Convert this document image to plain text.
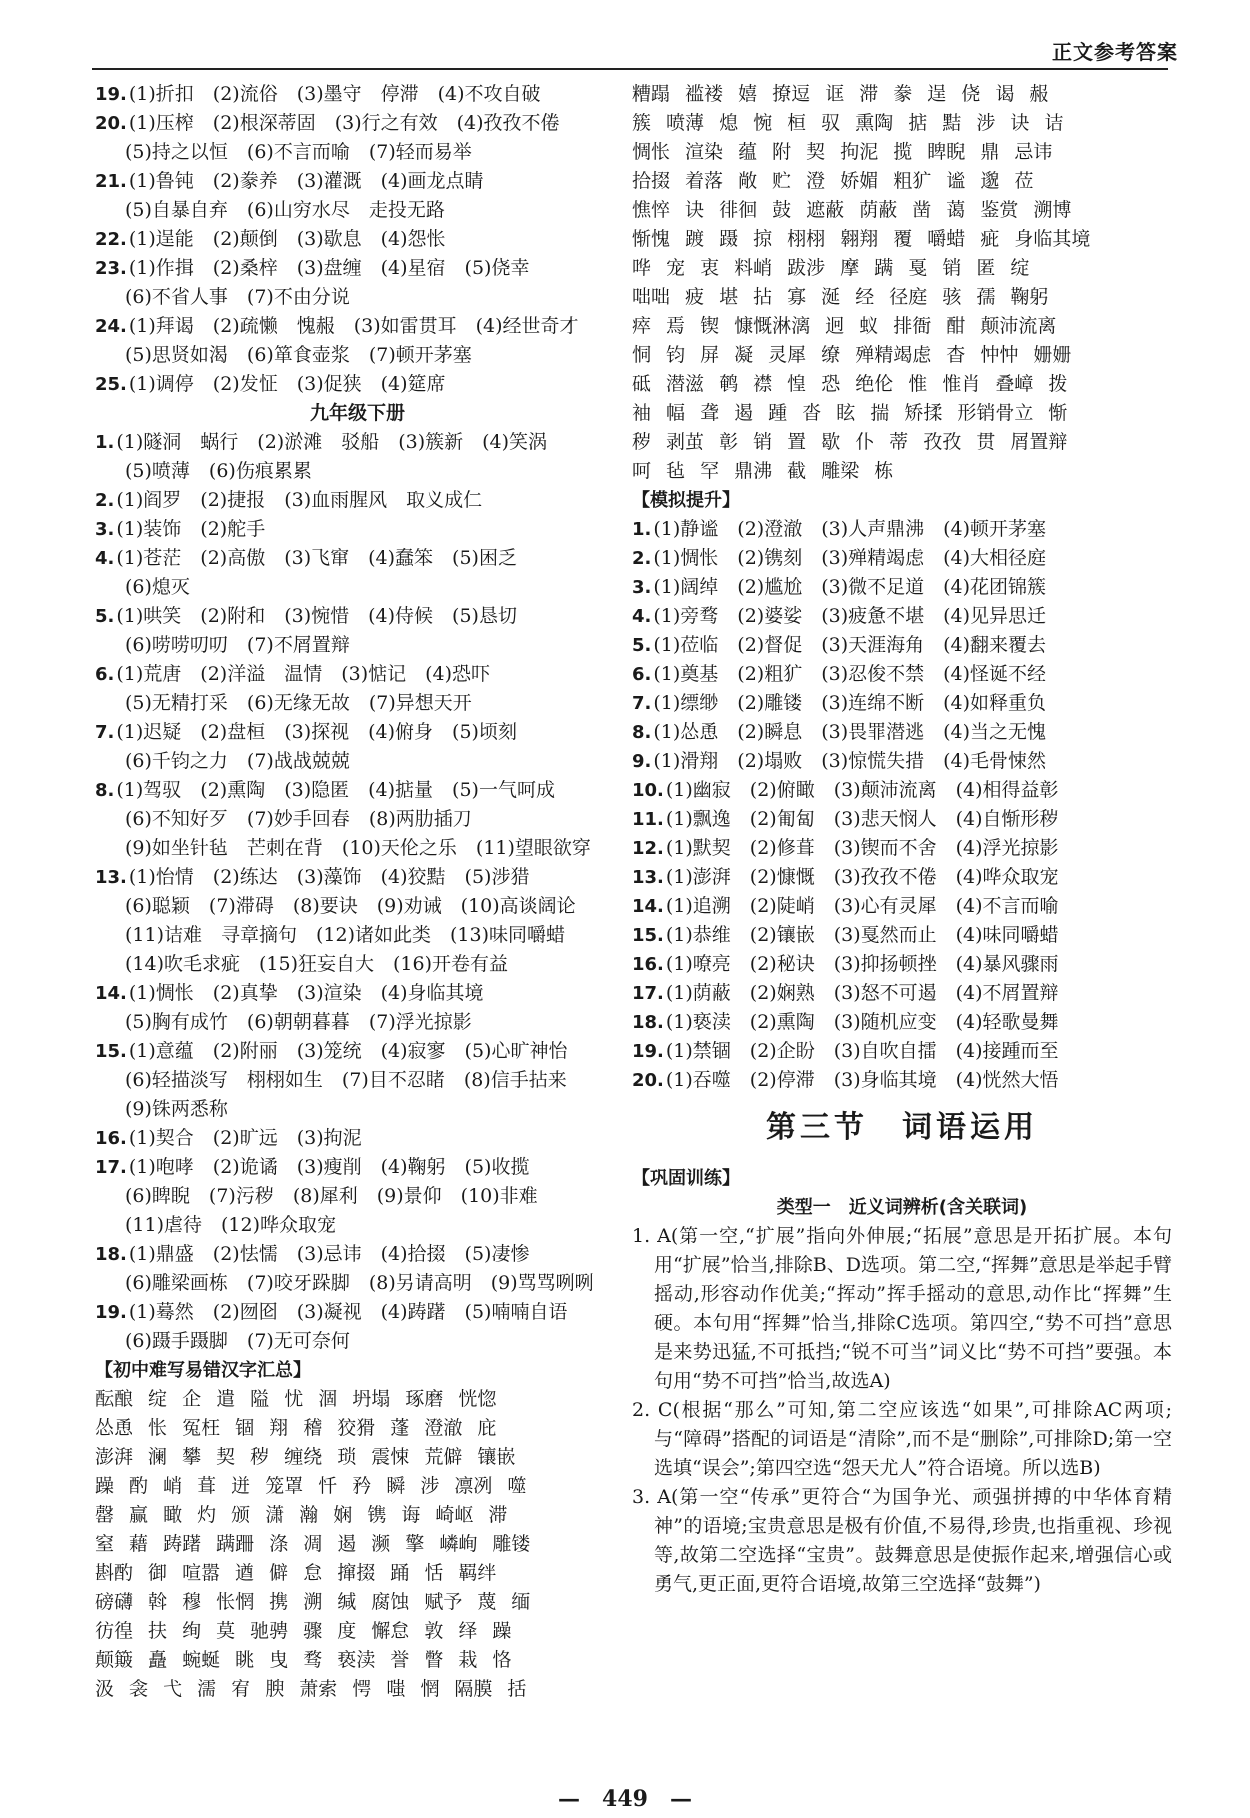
正文参考答案
19. (1)折扣　(2)流俗　(3)墨守　停滞　(4)不攻自破
20. (1)压榨　(2)根深蒂固　(3)行之有效　(4)孜孜不倦
(5)持之以恒　(6)不言而喻　(7)轻而易举
21. (1)鲁钝　(2)豢养　(3)灌溉　(4)画龙点睛
(5)自暴自弃　(6)山穷水尽　走投无路
22. (1)逞能　(2)颠倒　(3)歇息　(4)怨怅
23. (1)作揖　(2)桑梓　(3)盘缠　(4)星宿　(5)侥幸
(6)不省人事　(7)不由分说
24. (1)拜谒　(2)疏懒　愧赧　(3)如雷贯耳　(4)经世奇才
(5)思贤如渴　(6)箪食壶浆　(7)顿开茅塞
25. (1)调停　(2)发怔　(3)促狭　(4)筵席
九年级下册
1. (1)隧洞　蜗行　(2)淤滩　驳船　(3)簇新　(4)笑涡
(5)喷薄　(6)伤痕累累
2. (1)阎罗　(2)捷报　(3)血雨腥风　取义成仁
3. (1)装饰　(2)舵手
4. (1)苍茫　(2)高傲　(3)飞窜　(4)蠢笨　(5)困乏
(6)熄灭
5. (1)哄笑　(2)附和　(3)惋惜　(4)侍候　(5)恳切
(6)唠唠叨叨　(7)不屑置辩
6. (1)荒唐　(2)洋溢　温情　(3)惦记　(4)恐吓
(5)无精打采　(6)无缘无故　(7)异想天开
7. (1)迟疑　(2)盘桓　(3)探视　(4)俯身　(5)顷刻
(6)千钧之力　(7)战战兢兢
8. (1)驾驭　(2)熏陶　(3)隐匿　(4)掂量　(5)一气呵成
(6)不知好歹　(7)妙手回春　(8)两肋插刀
(9)如坐针毡　芒刺在背　(10)天伦之乐　(11)望眼欲穿
13. (1)怡情　(2)练达　(3)藻饰　(4)狡黠　(5)涉猎
(6)聪颖　(7)滞碍　(8)要诀　(9)劝诫　(10)高谈阔论
(11)诘难　寻章摘句　(12)诸如此类　(13)味同嚼蜡
(14)吹毛求疵　(15)狂妄自大　(16)开卷有益
14. (1)惆怅　(2)真挚　(3)渲染　(4)身临其境
(5)胸有成竹　(6)朝朝暮暮　(7)浮光掠影
15. (1)意蕴　(2)附丽　(3)笼统　(4)寂寥　(5)心旷神怡
(6)轻描淡写　栩栩如生　(7)目不忍睹　(8)信手拈来
(9)铢两悉称
16. (1)契合　(2)旷远　(3)拘泥
17. (1)咆哮　(2)诡谲　(3)瘦削　(4)鞠躬　(5)收揽
(6)睥睨　(7)污秽　(8)犀利　(9)景仰　(10)非难
(11)虐待　(12)哗众取宠
18. (1)鼎盛　(2)怯懦　(3)忌讳　(4)拾掇　(5)凄惨
(6)雕梁画栋　(7)咬牙跺脚　(8)另请高明　(9)骂骂咧咧
19. (1)蓦然　(2)囫囵　(3)凝视　(4)踌躇　(5)喃喃自语
(6)蹑手蹑脚　(7)无可奈何
【初中难写易错汉字汇总】
酝酿 绽 企 遣 隘 忧 涸 坍塌 琢磨 恍惚
怂恿 怅 冤枉 锢 翔 稽 狡猾 蓬 澄澈 庇
澎湃 澜 攀 契 秽 缠绕 琐 震悚 荒僻 镶嵌
躁 酌 峭 葺 迸 笼罩 忏 矜 瞬 涉 凛冽 噬
罄 赢 瞰 灼 颁 潇 瀚 娴 镌 诲 崎岖 滞
窒 藉 踌躇 蹒跚 涤 凋 遏 濒 擎 嶙峋 雕镂
斟酌 御 喧嚣 遒 僻 怠 撺掇 踊 恬 羁绊
磅礴 斡 穆 怅惘 携 溯 缄 腐蚀 赋予 蔑 缅
彷徨 扶 绚 莫 驰骋 骤 度 懈怠 敦 绎 躁
颠簸 矗 蜿蜒 眺 曳 骛 亵渎 誉 瞥 栽 恪
汲 衾 弋 濡 宥 腴 萧索 愕 嗤 惘 隔膜 括
糟蹋 褴褛 嬉 撩逗 诓 滞 豢 逞 侥 谒 赧
簇 喷薄 熄 惋 桓 驭 熏陶 掂 黠 涉 诀 诘
惆怅 渲染 蕴 附 契 拘泥 揽 睥睨 鼎 忌讳
拾掇 着落 敞 贮 澄 娇媚 粗犷 谧 邈 莅
憔悴 诀 徘徊 鼓 遮蔽 荫蔽 凿 蔼 鉴赏 溯博
惭愧 踱 蹑 掠 栩栩 翱翔 覆 嚼蜡 疵 身临其境
哗 宠 衷 料峭 跋涉 摩 蹒 戛 销 匿 绽
咄咄 疲 堪 拈 寡 涎 经 径庭 骇 孺 鞠躬
瘁 焉 锲 慷慨淋漓 迥 蚁 排衙 酣 颠沛流离
恫 钧 屏 凝 灵犀 缭 殚精竭虑 杳 忡忡 姗姗
砥 潜滋 鹌 襟 惶 恐 绝伦 惟 惟肖 叠嶂 拨
袖 幅 聋 遏 踵 沓 眩 揣 矫揉 形销骨立 惭
秽 剥茧 彰 销 置 歇 仆 蒂 孜孜 贯 屑置辩
呵 毡 罕 鼎沸 截 雕梁 栋
【模拟提升】
1. (1)静谧　(2)澄澈　(3)人声鼎沸　(4)顿开茅塞
2. (1)惆怅　(2)镌刻　(3)殚精竭虑　(4)大相径庭
3. (1)阔绰　(2)尴尬　(3)微不足道　(4)花团锦簇
4. (1)旁骛　(2)婆娑　(3)疲惫不堪　(4)见异思迁
5. (1)莅临　(2)督促　(3)天涯海角　(4)翻来覆去
6. (1)奠基　(2)粗犷　(3)忍俊不禁　(4)怪诞不经
7. (1)缥缈　(2)雕镂　(3)连绵不断　(4)如释重负
8. (1)怂恿　(2)瞬息　(3)畏罪潜逃　(4)当之无愧
9. (1)滑翔　(2)塌败　(3)惊慌失措　(4)毛骨悚然
10. (1)幽寂　(2)俯瞰　(3)颠沛流离　(4)相得益彰
11. (1)飘逸　(2)匍匐　(3)悲天悯人　(4)自惭形秽
12. (1)默契　(2)修葺　(3)锲而不舍　(4)浮光掠影
13. (1)澎湃　(2)慷慨　(3)孜孜不倦　(4)哗众取宠
14. (1)追溯　(2)陡峭　(3)心有灵犀　(4)不言而喻
15. (1)恭维　(2)镶嵌　(3)戛然而止　(4)味同嚼蜡
16. (1)嘹亮　(2)秘诀　(3)抑扬顿挫　(4)暴风骤雨
17. (1)荫蔽　(2)娴熟　(3)怒不可遏　(4)不屑置辩
18. (1)亵渎　(2)熏陶　(3)随机应变　(4)轻歌曼舞
19. (1)禁锢　(2)企盼　(3)自吹自擂　(4)接踵而至
20. (1)吞噬　(2)停滞　(3)身临其境　(4)恍然大悟
第三节　词语运用
【巩固训练】
类型一　近义词辨析(含关联词)
1. A(第一空,“扩展”指向外伸展;“拓展”意思是开拓扩展。本句用“扩展”恰当,排除B、D选项。第二空,“挥舞”意思是举起手臂摇动,形容动作优美;“挥动”挥手摇动的意思,动作比“挥舞”生硬。本句用“挥舞”恰当,排除C选项。第四空,“势不可挡”意思是来势迅猛,不可抵挡;“锐不可当”词义比“势不可挡”要强。本句用“势不可挡”恰当,故选A)
2. C(根据“那么”可知,第二空应该选“如果”,可排除AC两项;与“障碍”搭配的词语是“清除”,而不是“删除”,可排除D;第一空选填“误会”;第四空选“怨天尤人”符合语境。所以选B)
3. A(第一空“传承”更符合“为国争光、顽强拼搏的中华体育精神”的语境;宝贵意思是极有价值,不易得,珍贵,也指重视、珍视等,故第二空选择“宝贵”。鼓舞意思是使振作起来,增强信心或勇气,更正面,更符合语境,故第三空选择“鼓舞”)
—　449　—
